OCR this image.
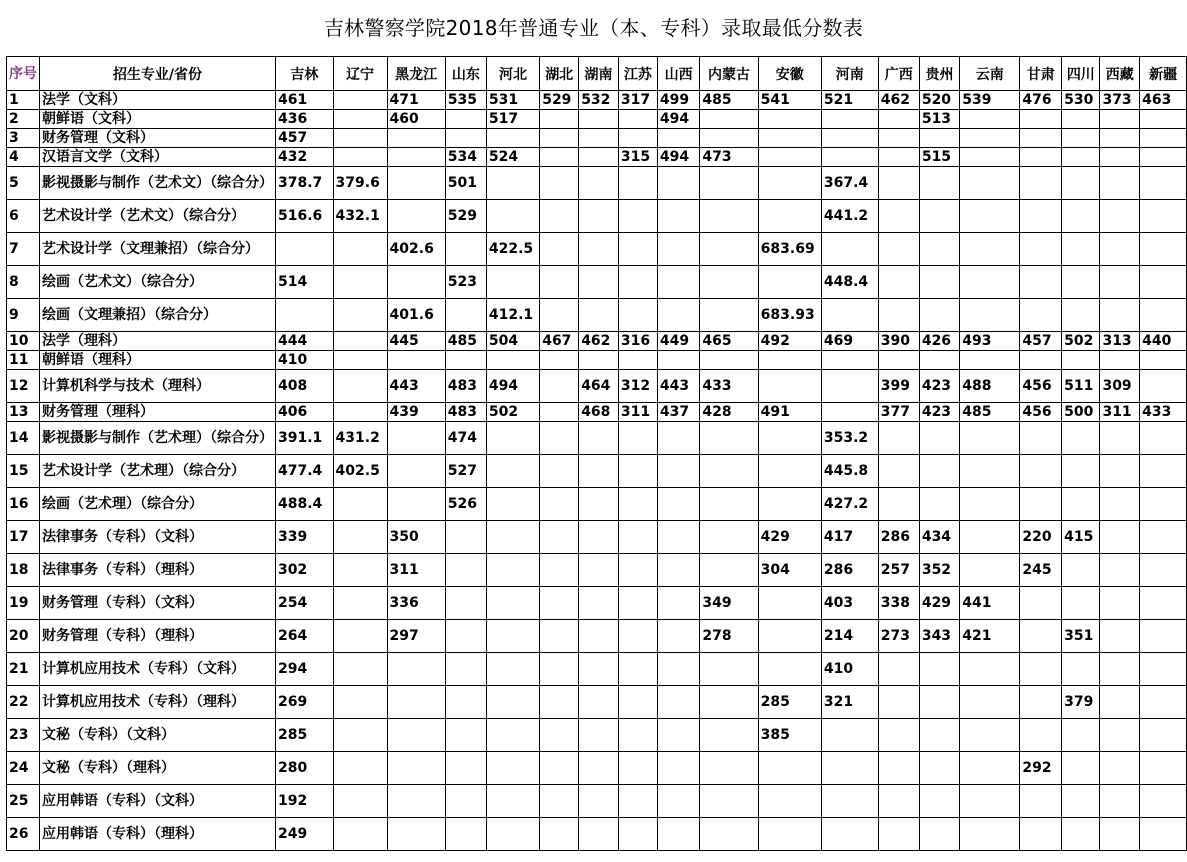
吉林警察学院2018年普通专业（本、专科）录取最低分数表
序号	招生专业/省份	吉林	辽宁	黑龙江	山东	河北	湖北	湖南	江苏	山西	内蒙古	安徽	河南	广西	贵州	云南	甘肃	四川	西藏	新疆
1	法学（文科）	461		471	535	531	529	532	317	499	485	541	521	462	520	539	476	530	373	463
2	朝鲜语（文科）	436		460		517				494					513					
3	财务管理（文科）	457																		
4	汉语言文学（文科）	432			534	524			315	494	473				515					
5	影视摄影与制作（艺术文）（综合分）	378.7	379.6		501								367.4							
6	艺术设计学（艺术文）（综合分）	516.6	432.1		529								441.2							
7	艺术设计学（文理兼招）（综合分）			402.6		422.5						683.69								
8	绘画（艺术文）（综合分）	514			523								448.4							
9	绘画（文理兼招）（综合分）			401.6		412.1						683.93								
10	法学（理科）	444		445	485	504	467	462	316	449	465	492	469	390	426	493	457	502	313	440
11	朝鲜语（理科）	410																		
12	计算机科学与技术（理科）	408		443	483	494		464	312	443	433			399	423	488	456	511	309	
13	财务管理（理科）	406		439	483	502		468	311	437	428	491		377	423	485	456	500	311	433
14	影视摄影与制作（艺术理）（综合分）	391.1	431.2		474								353.2							
15	艺术设计学（艺术理）（综合分）	477.4	402.5		527								445.8							
16	绘画（艺术理）（综合分）	488.4			526								427.2							
17	法律事务（专科）（文科）	339		350								429	417	286	434		220	415		
18	法律事务（专科）（理科）	302		311								304	286	257	352		245			
19	财务管理（专科）（文科）	254		336							349		403	338	429	441				
20	财务管理（专科）（理科）	264		297							278		214	273	343	421		351		
21	计算机应用技术（专科）（文科）	294											410							
22	计算机应用技术（专科）（理科）	269										285	321					379		
23	文秘（专科）（文科）	285										385								
24	文秘（专科）（理科）	280															292			
25	应用韩语（专科）（文科）	192																		
26	应用韩语（专科）（理科）	249																		
